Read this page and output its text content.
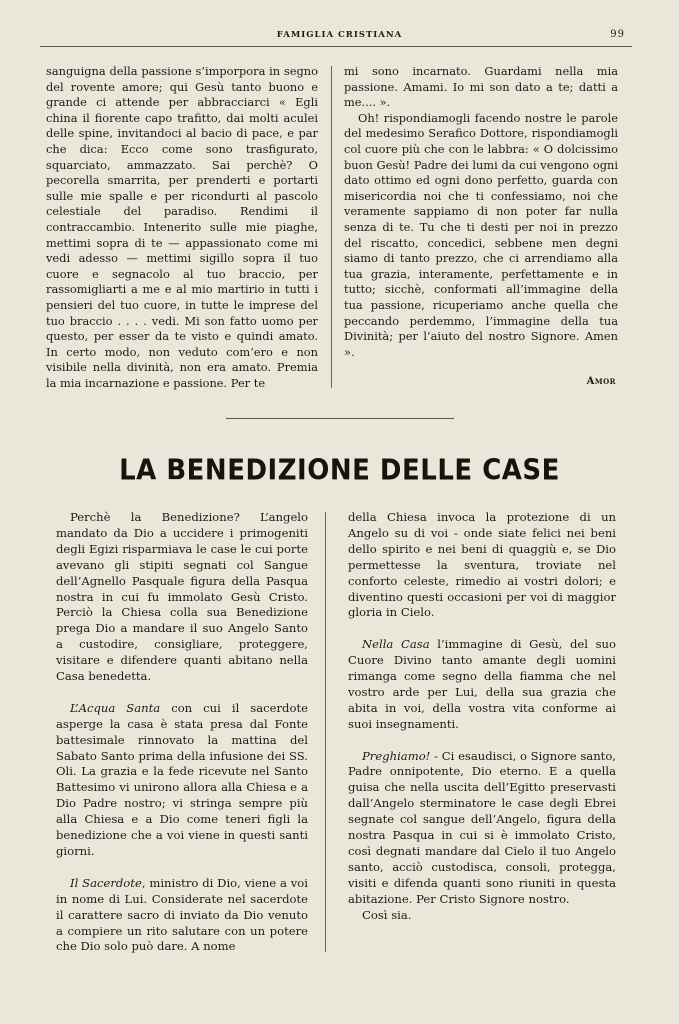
FAMIGLIA CRISTIANA	99

sanguigna della passione s’imporpora in segno del rovente amore; qui Gesù tanto buono e grande ci attende per abbracciarci « Egli china il fiorente capo trafitto, dai molti aculei delle spine, invitandoci al bacio di pace, e par che dica: Ecco come sono trasfigurato, squarciato, ammazzato. Sai perchè? O pecorella smarrita, per prenderti e portarti sulle mie spalle e per ricondurti al pascolo celestiale del paradiso. Rendimi il contraccambio. Intenerito sulle mie piaghe, mettimi sopra di te — appassionato come mi vedi adesso — mettimi sigillo sopra il tuo cuore e segnacolo al tuo braccio, per rassomigliarti a me e al mio martirio in tutti i pensieri del tuo cuore, in tutte le imprese del tuo braccio . . . . vedi. Mi son fatto uomo per questo, per esser da te visto e quindi amato. In certo modo, non veduto com’ero e non visibile nella divinità, non era amato. Premia la mia incarnazione e passione. Per te

mi sono incarnato. Guardami nella mia passione. Amami. Io mi son dato a te; datti a me.... ».

Oh! rispondiamogli facendo nostre le parole del medesimo Serafico Dottore, rispondiamogli col cuore più che con le labbra: « O dolcissimo buon Gesù! Padre dei lumi da cui vengono ogni dato ottimo ed ogni dono perfetto, guarda con misericordia noi che ti confessiamo, noi che veramente sappiamo di non poter far nulla senza di te. Tu che ti desti per noi in prezzo del riscatto, concedici, sebbene men degni siamo di tanto prezzo, che ci arrendiamo alla tua grazia, interamente, perfettamente e in tutto; sicchè, conformati all’immagine della tua passione, ricuperiamo anche quella che peccando perdemmo, l’immagine della tua Divinità; per l’aiuto del nostro Signore. Amen ».

Amor
LA BENEDIZIONE DELLE CASE

Perchè la Benedizione? L’angelo mandato da Dio a uccidere i primogeniti degli Egizi risparmiava le case le cui porte avevano gli stipiti segnati col Sangue dell’Agnello Pasquale figura della Pasqua nostra in cui fu immolato Gesù Cristo. Perciò la Chiesa colla sua Benedizione prega Dio a mandare il suo Angelo Santo a custodire, consigliare, proteggere, visitare e difendere quanti abitano nella Casa benedetta.

L’Acqua Santa con cui il sacerdote asperge la casa è stata presa dal Fonte battesimale rinnovato la mattina del Sabato Santo prima della infusione dei SS. Oli. La grazia e la fede ricevute nel Santo Battesimo vi unirono allora alla Chiesa e a Dio Padre nostro; vi stringa sempre più alla Chiesa e a Dio come teneri figli la benedizione che a voi viene in questi santi giorni.

Il Sacerdote, ministro di Dio, viene a voi in nome di Lui. Considerate nel sacerdote il carattere sacro di inviato da Dio venuto a compiere un rito salutare con un potere che Dio solo può dare. A nome

della Chiesa invoca la protezione di un Angelo su di voi - onde siate felici nei beni dello spirito e nei beni di quaggiù e, se Dio permettesse la sventura, troviate nel conforto celeste, rimedio ai vostri dolori; e diventino questi occasioni per voi di maggior gloria in Cielo.

Nella Casa l’immagine di Gesù, del suo Cuore Divino tanto amante degli uomini rimanga come segno della fiamma che nel vostro arde per Lui, della sua grazia che abita in voi, della vostra vita conforme ai suoi insegnamenti.

Preghiamo! - Ci esaudisci, o Signore santo, Padre onnipotente, Dio eterno. E a quella guisa che nella uscita dell’Egitto preservasti dall’Angelo sterminatore le case degli Ebrei segnate col sangue dell’Angelo, figura della nostra Pasqua in cui si è immolato Cristo, così degnati mandare dal Cielo il tuo Angelo santo, acciò custodisca, consoli, protegga, visiti e difenda quanti sono riuniti in questa abitazione. Per Cristo Signore nostro.

Così sia.
